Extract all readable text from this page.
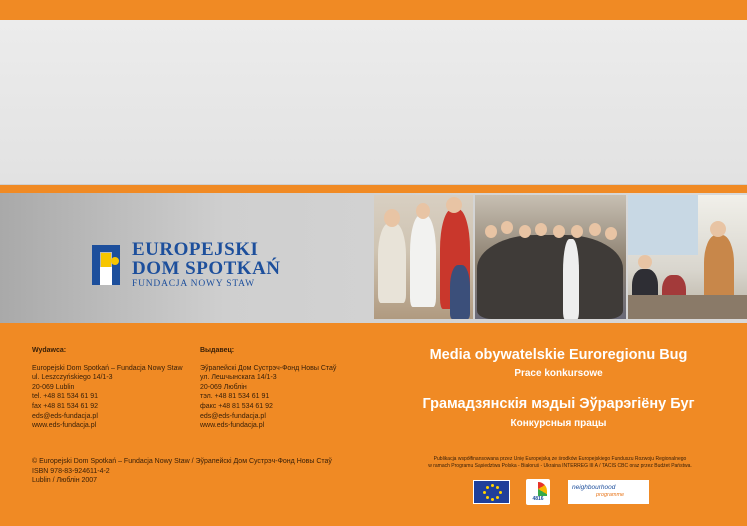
EUROPEJSKI
DOM SPOTKAŃ
FUNDACJA NOWY STAW
Wydawca:
Europejski Dom Spotkań – Fundacja Nowy Staw
ul. Leszczyńskiego 14/1-3
20-069 Lublin
tel. +48 81 534 61 91
fax +48 81 534 61 92
eds@eds-fundacja.pl
www.eds-fundacja.pl
Выдавец:
Эўрапейскі Дом Сустрэч-Фонд Новы Стаў
ул. Лешчынскага 14/1-3
20-069 Люблін
тэл. +48 81 534 61 91
факс +48 81 534 61 92
eds@eds-fundacja.pl
www.eds-fundacja.pl
© Europejski Dom Spotkań – Fundacja Nowy Staw / Эўрапейскі Дом Сустрэч-Фонд Новы Стаў
ISBN 978-83-924611-4-2
Lublin / Люблін 2007
Media obywatelskie Euroregionu Bug
Prace konkursowe
Грамадзянскія мэдыі Эўрарэгіёну Буг
Конкурсныя працы
Publikacja współfinansowana przez Unię Europejską ze środków Europejskiego Funduszu Rozwoju Regionalnego
w ramach Programu Sąsiedztwa Polska - Białoruś - Ukraina INTERREG III A / TACIS CBC oraz przez Budżet Państwa.
4816
neighbourhood
programme
